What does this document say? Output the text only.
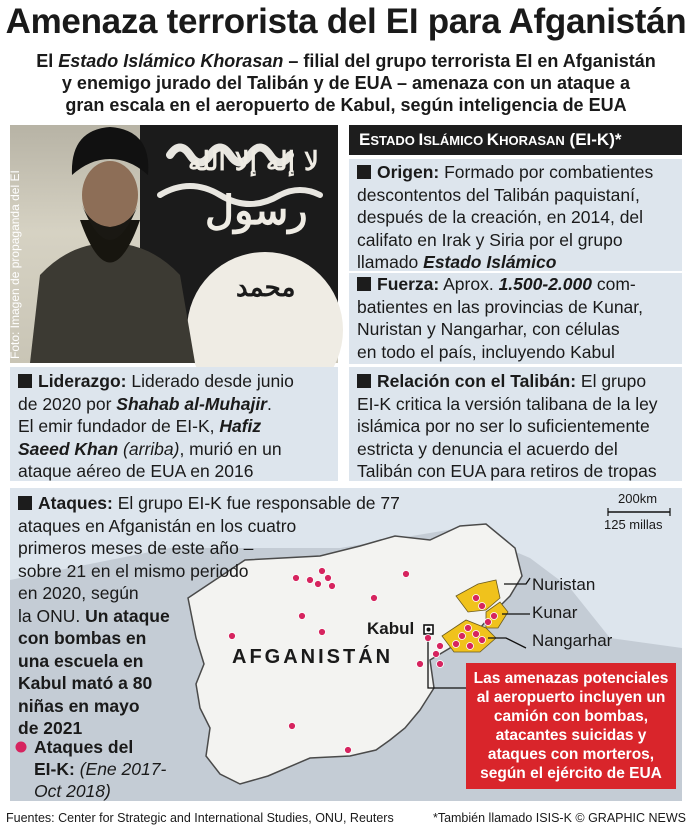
Amenaza terrorista del EI para Afganistán
El Estado Islámico Khorasan – filial del grupo terrorista EI en Afganistán
y enemigo jurado del Talibán y de EUA – amenaza con un ataque a
gran escala en el aeropuerto de Kabul, según inteligencia de EUA
لا إله إلا الله
رسول
محمد
Foto: Imagen de propaganda del EI
ESTADO ISLÁMICO KHORASAN (EI-K)*

Origen: Formado por combatientes

descontentos del Talibán paquistaní,

después de la creación, en 2014, del

califato en Irak y Siria por el grupo

llamado Estado Islámico

Fuerza: Aprox. 1.500-2.000 com-

batientes en las provincias de Kunar,

Nuristan y Nangarhar, con células

en todo el país, incluyendo Kabul

Liderazgo: Liderado desde junio

de 2020 por Shahab al-Muhajir.

El emir fundador de EI-K, Hafiz

Saeed Khan (arriba), murió en un

ataque aéreo de EUA en 2016

Relación con el Talibán: El grupo

EI-K critica la versión talibana de la ley

islámica por no ser lo suficientemente

estricta y denuncia el acuerdo del

Talibán con EUA para retiros de tropas

Ataques: El grupo EI-K fue responsable de 77
ataques en Afganistán en los cuatro
primeros meses de este año –
sobre 21 en el mismo periodo
en 2020, según
la ONU. Un ataque
con bombas en
una escuela en
Kabul mató a 80
niñas en mayo
de 2021
Ataques del
EI-K: (Ene 2017-
Oct 2018)
AFGANISTÁN
Kabul
Nuristan
Kunar
Nangarhar
200km
125 millas
Las amenazas potenciales
al aeropuerto incluyen un
camión con bombas,
atacantes suicidas y
ataques con morteros,
según el ejército de EUA
Fuentes: Center for Strategic and International Studies, ONU, Reuters	*También llamado ISIS-K © GRAPHIC NEWS
